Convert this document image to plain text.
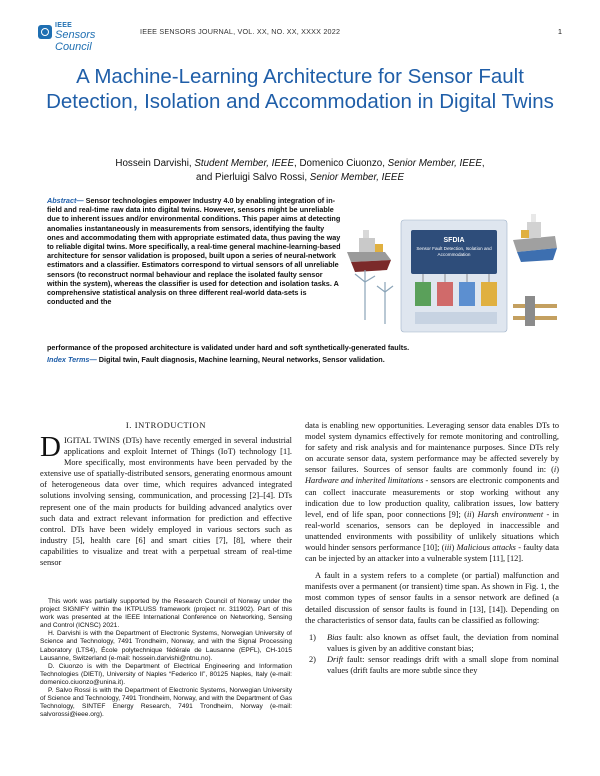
IEEE
Sensors Council
IEEE SENSORS JOURNAL, VOL. XX, NO. XX, XXXX 2022	1
A Machine-Learning Architecture for Sensor Fault Detection, Isolation and Accommodation in Digital Twins
Hossein Darvishi, Student Member, IEEE, Domenico Ciuonzo, Senior Member, IEEE,
and Pierluigi Salvo Rossi, Senior Member, IEEE
Abstract— Sensor technologies empower Industry 4.0 by enabling integration of in-field and real-time raw data into digital twins. However, sensors might be unreliable due to inherent issues and/or environmental conditions. This paper aims at detecting anomalies instantaneously in measurements from sensors, identifying the faulty ones and accommodating them with appropriate estimated data, thus paving the way to reliable digital twins. More specifically, a real-time general machine-learning-based architecture for sensor validation is proposed, built upon a series of neural-network estimators and a classifier. Estimators correspond to virtual sensors of all unreliable sensors (to reconstruct normal behaviour and replace the isolated faulty sensor within the system), whereas the classifier is used for detection and isolation tasks. A comprehensive statistical analysis on three different real-world data-sets is conducted and the
performance of the proposed architecture is validated under hard and soft synthetically-generated faults.
Index Terms— Digital twin, Fault diagnosis, Machine learning, Neural networks, Sensor validation.
SFDIA
Sensor Fault Detection, Isolation and Accommodation
I. INTRODUCTION

DIGITAL TWINS (DTs) have recently emerged in several industrial applications and exploit Internet of Things (IoT) technology [1]. More specifically, most environments have been pervaded by the extensive use of spatially-distributed sensors, generating enormous amount of heterogeneous data over time, which requires advanced integrated solutions involving sensing, communication, and processing [2]–[4]. DTs represent one of the main products for building advanced analytics over such data and extract relevant information for prediction and effective control. DTs have been widely employed in various sectors such as industry [5], health care [6] and smart cities [7], [8], where their capabilities to visualize and treat with a perpetual stream of real-time sensor

This work was partially supported by the Research Council of Norway under the project SIGNIFY within the IKTPLUSS framework (project nr. 311902). Part of this work was presented at the IEEE International Conference on Networking, Sensing and Control (ICNSC) 2021.

H. Darvishi is with the Department of Electronic Systems, Norwegian University of Science and Technology, 7491 Trondheim, Norway, and with the Signal Processing Laboratory (LTS4), École polytechnique fédérale de Lausanne (EPFL), CH-1015 Lausanne, Switzerland (e-mail: hossein.darvishi@ntnu.no).

D. Ciuonzo is with the Department of Electrical Engineering and Information Technologies (DIETI), University of Naples “Federico II”, 80125 Naples, Italy (e-mail: domenico.ciuonzo@unina.it).

P. Salvo Rossi is with the Department of Electronic Systems, Norwegian University of Science and Technology, 7491 Trondheim, Norway, and with the Department of Gas Technology, SINTEF Energy Research, 7491 Trondheim, Norway (e-mail: salvorossi@ieee.org).

data is enabling new opportunities. Leveraging sensor data enables DTs to model system dynamics effectively for remote monitoring and controlling, for safety and risk analysis and for maintenance purposes. Since DTs rely on accurate sensor data, system performance may be affected severely by sensor failures. Sources of sensor faults are commonly found in: (i) Hardware and inherited limitations - sensors are electronic components and can collect inaccurate measurements or stop working without any indication due to low production quality, calibration issues, low battery level, end of life span, poor connections [9]; (ii) Harsh environment - in real-world scenarios, sensors can be deployed in inaccessible and unattended environments with possibility of unlikely situations which would hinder sensors performance [10]; (iii) Malicious attacks - faulty data can be injected by an attacker into a vulnerable system [11], [12].

A fault in a system refers to a complete (or partial) malfunction and manifests over a permanent (or transient) time span. As shown in Fig. 1, the most common types of sensor faults in a sensor network are defined (a detailed discussion of sensor faults is found in [13], [14]). Depending on the characteristics of sensor data, faults can be classified as following:

1) Bias fault: also known as offset fault, the deviation from nominal values is given by an additive constant bias;
2) Drift fault: sensor readings drift with a small slope from nominal values (drift faults are more subtle since they
